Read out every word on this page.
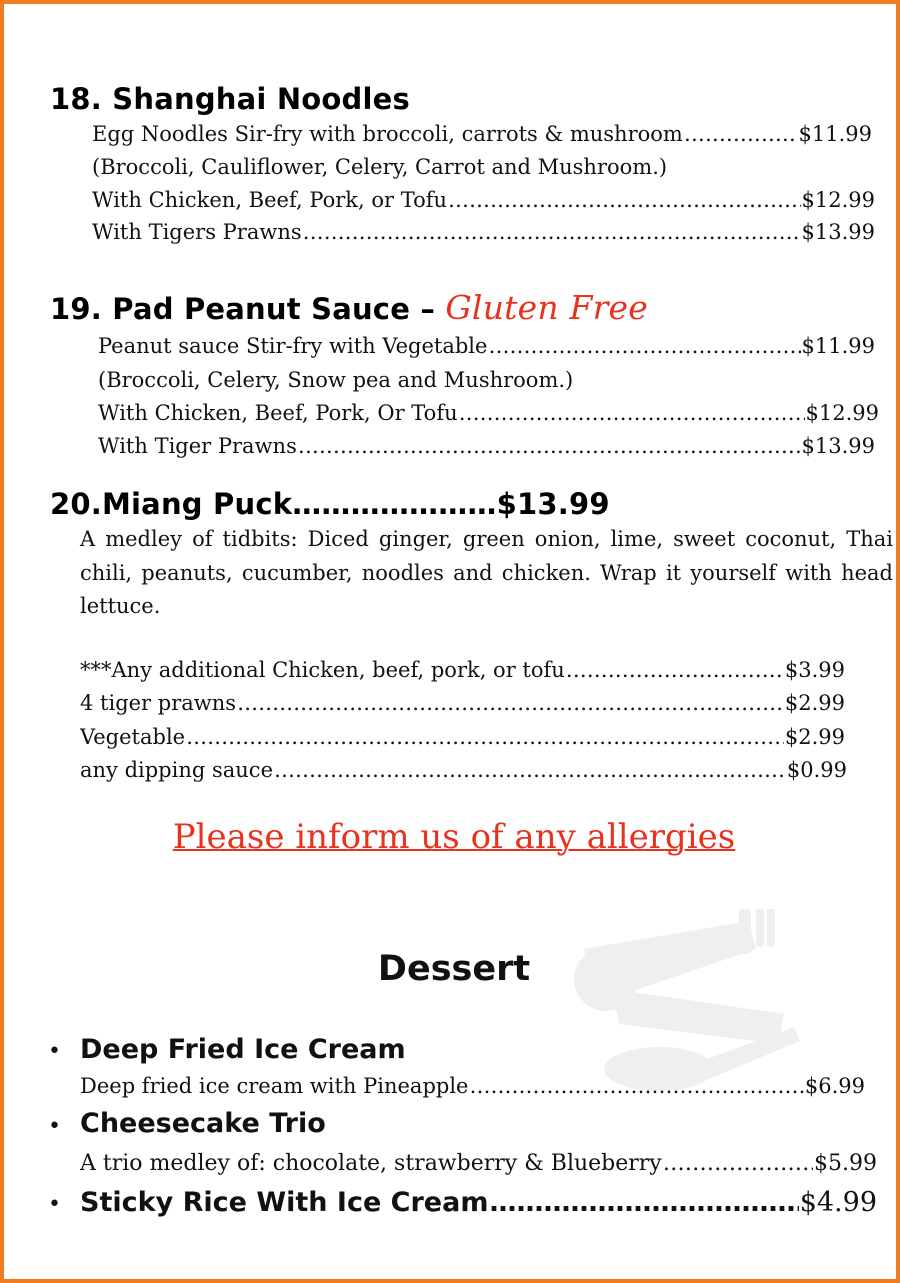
18. Shanghai Noodles
Egg Noodles Sir-fry with broccoli, carrots & mushroom ……………………………………………………………………………………………………………………………………	$11.99
(Broccoli, Cauliflower, Celery, Carrot and Mushroom.)
With Chicken, Beef, Pork, or Tofu ……………………………………………………………………………………………………………………………………	$12.99
With Tigers Prawns ……………………………………………………………………………………………………………………………………	$13.99
19. Pad Peanut Sauce – Gluten Free
Peanut sauce Stir-fry with Vegetable ……………………………………………………………………………………………………………………………………	$11.99
(Broccoli, Celery, Snow pea and Mushroom.)
With Chicken, Beef, Pork, Or Tofu ……………………………………………………………………………………………………………………………………	$12.99
With Tiger Prawns ……………………………………………………………………………………………………………………………………	$13.99
20.Miang Puck…………………$13.99
A medley of tidbits: Diced ginger, green onion, lime, sweet coconut, Thai chili, peanuts, cucumber, noodles and chicken. Wrap it yourself with head lettuce.
***Any additional Chicken, beef, pork, or tofu ……………………………………………………………………………………………………………………………………	$3.99
4 tiger prawns ……………………………………………………………………………………………………………………………………	$2.99
Vegetable ……………………………………………………………………………………………………………………………………	$2.99
any dipping sauce ……………………………………………………………………………………………………………………………………	$0.99
Please inform us of any allergies
Dessert
• Deep Fried Ice Cream
Deep fried ice cream with Pineapple ……………………………………………………………………………………………………………………………………	$6.99
• Cheesecake Trio
A trio medley of: chocolate, strawberry & Blueberry ……………………………………………………………………………………………………………………………………	$5.99
• Sticky Rice With Ice Cream ……………………………………………………………………………………………………………………………………	$4.99
